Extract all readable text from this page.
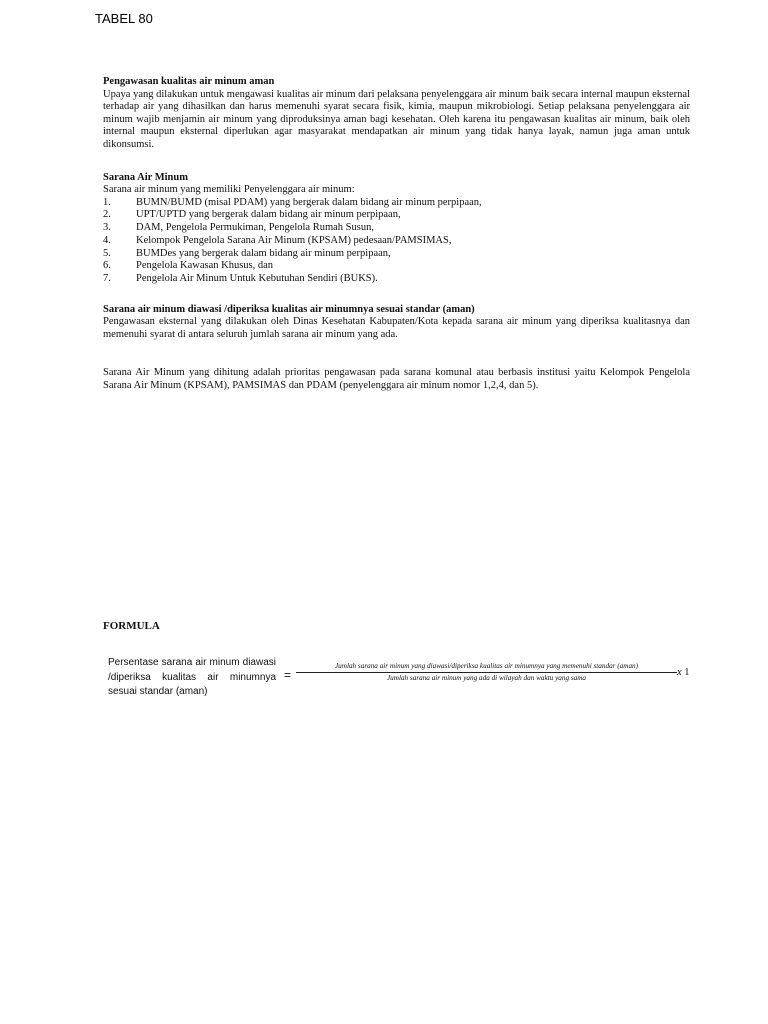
TABEL 80
Pengawasan kualitas air minum aman
Upaya yang dilakukan untuk mengawasi kualitas air minum dari pelaksana penyelenggara air minum baik secara internal maupun eksternal terhadap air yang dihasilkan dan harus memenuhi syarat secara fisik, kimia, maupun mikrobiologi. Setiap pelaksana penyelenggara air minum wajib menjamin air minum yang diproduksinya aman bagi kesehatan. Oleh karena itu pengawasan kualitas air minum, baik oleh internal maupun eksternal diperlukan agar masyarakat mendapatkan air minum yang tidak hanya layak, namun juga aman untuk dikonsumsi.
Sarana Air Minum
Sarana air minum yang memiliki Penyelenggara air minum:
1. BUMN/BUMD (misal PDAM) yang bergerak dalam bidang air minum perpipaan,
2. UPT/UPTD yang bergerak dalam bidang air minum perpipaan,
3. DAM, Pengelola Permukiman, Pengelola Rumah Susun,
4. Kelompok Pengelola Sarana Air Minum (KPSAM) pedesaan/PAMSIMAS,
5. BUMDes yang bergerak dalam bidang air minum perpipaan,
6. Pengelola Kawasan Khusus, dan
7. Pengelola Air Minum Untuk Kebutuhan Sendiri (BUKS).
Sarana air minum diawasi /diperiksa kualitas air minumnya sesuai standar (aman)
Pengawasan eksternal yang dilakukan oleh Dinas Kesehatan Kabupaten/Kota kepada sarana air minum yang diperiksa kualitasnya dan memenuhi syarat di antara seluruh jumlah sarana air minum yang ada.
Sarana Air Minum yang dihitung adalah prioritas pengawasan pada sarana komunal atau berbasis institusi yaitu Kelompok Pengelola Sarana Air Minum (KPSAM), PAMSIMAS dan PDAM (penyelenggara air minum nomor 1,2,4, dan 5).
FORMULA
Persentase sarana air minum diawasi /diperiksa kualitas air minumnya sesuai standar (aman)
=
Jumlah sarana air minum yang diawasi/diperiksa kualitas air minumnya yang memenuhi standar (aman)
Jumlah sarana air minum yang ada di wilayah dan waktu yang sama	x 1
